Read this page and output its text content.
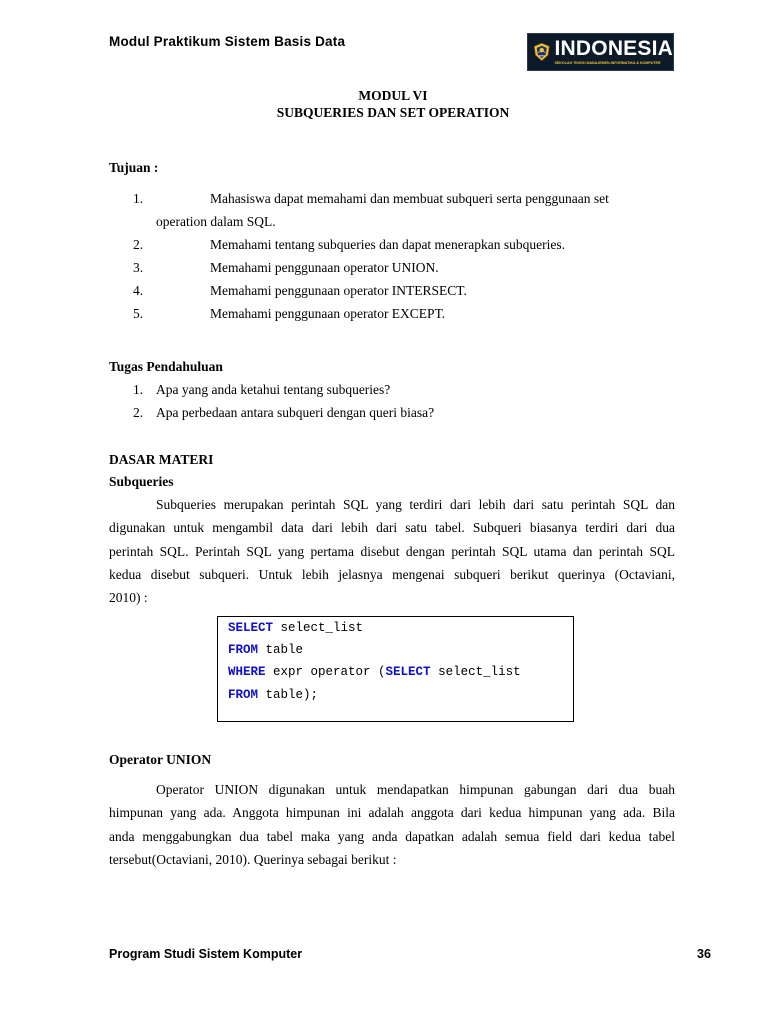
Modul Praktikum Sistem Basis Data
STIKI INDONESIA
SEKOLAH TINGGI MANAJEMEN INFORMATIKA & KOMPUTER
MODUL VI
SUBQUERIES DAN SET OPERATION
Tujuan :
1.	Mahasiswa dapat memahami dan membuat subqueri serta penggunaan set
operation dalam SQL.
2.	Memahami tentang subqueries dan dapat menerapkan subqueries.
3.	Memahami penggunaan operator UNION.
4.	Memahami penggunaan operator INTERSECT.
5.	Memahami penggunaan operator EXCEPT.
Tugas Pendahuluan
1. Apa yang anda ketahui tentang subqueries?
2. Apa perbedaan antara subqueri dengan queri biasa?
DASAR MATERI
Subqueries
Subqueries merupakan perintah SQL yang terdiri dari lebih dari satu perintah SQL dan
digunakan untuk mengambil data dari lebih dari satu tabel. Subqueri biasanya terdiri dari dua
perintah SQL. Perintah SQL yang pertama disebut dengan perintah SQL utama dan perintah SQL
kedua disebut subqueri. Untuk lebih jelasnya mengenai subqueri berikut querinya (Octaviani,
2010) :
SELECT select_list
FROM table
WHERE expr operator (SELECT select_list
FROM table);
Operator UNION
Operator UNION digunakan untuk mendapatkan himpunan gabungan dari dua buah
himpunan yang ada. Anggota himpunan ini adalah anggota dari kedua himpunan yang ada. Bila
anda menggabungkan dua tabel maka yang anda dapatkan adalah semua field dari kedua tabel
tersebut(Octaviani, 2010). Querinya sebagai berikut :
Program Studi Sistem Komputer	36
